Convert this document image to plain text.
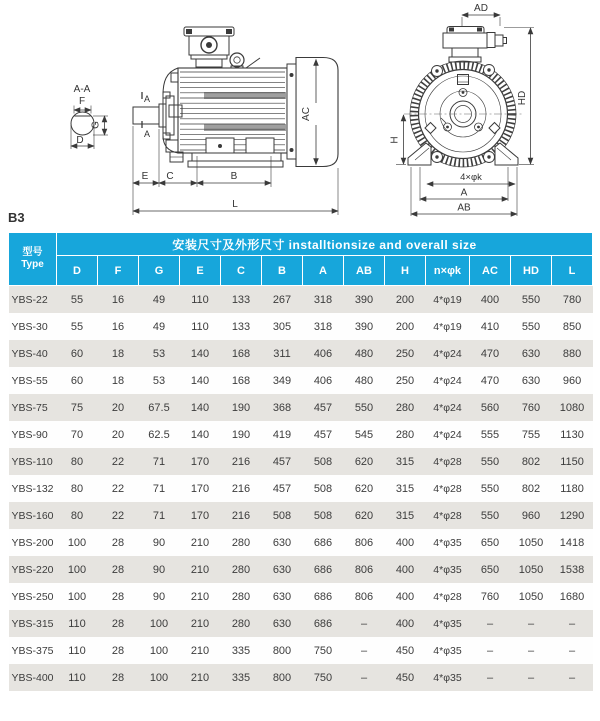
A-A
F
G
D
A
A
AC
E C	B
L
AD
H
HD
4×φk
A
AB
B3
型号
Type	安装尺寸及外形尺寸 installtionsize and overall size												
	D	F	G	E	C	B	A	AB	H	n×φk	AC	HD	L
YBS-22	55	16	49	110	133	267	318	390	200	4*φ19	400	550	780
YBS-30	55	16	49	110	133	305	318	390	200	4*φ19	410	550	850
YBS-40	60	18	53	140	168	311	406	480	250	4*φ24	470	630	880
YBS-55	60	18	53	140	168	349	406	480	250	4*φ24	470	630	960
YBS-75	75	20	67.5	140	190	368	457	550	280	4*φ24	560	760	1080
YBS-90	70	20	62.5	140	190	419	457	545	280	4*φ24	555	755	1130
YBS-110	80	22	71	170	216	457	508	620	315	4*φ28	550	802	1150
YBS-132	80	22	71	170	216	457	508	620	315	4*φ28	550	802	1180
YBS-160	80	22	71	170	216	508	508	620	315	4*φ28	550	960	1290
YBS-200	100	28	90	210	280	630	686	806	400	4*φ35	650	1050	1418
YBS-220	100	28	90	210	280	630	686	806	400	4*φ35	650	1050	1538
YBS-250	100	28	90	210	280	630	686	806	400	4*φ28	760	1050	1680
YBS-315	110	28	100	210	280	630	686	–	400	4*φ35	–	–	–
YBS-375	110	28	100	210	335	800	750	–	450	4*φ35	–	–	–
YBS-400	110	28	100	210	335	800	750	–	450	4*φ35	–	–	–
